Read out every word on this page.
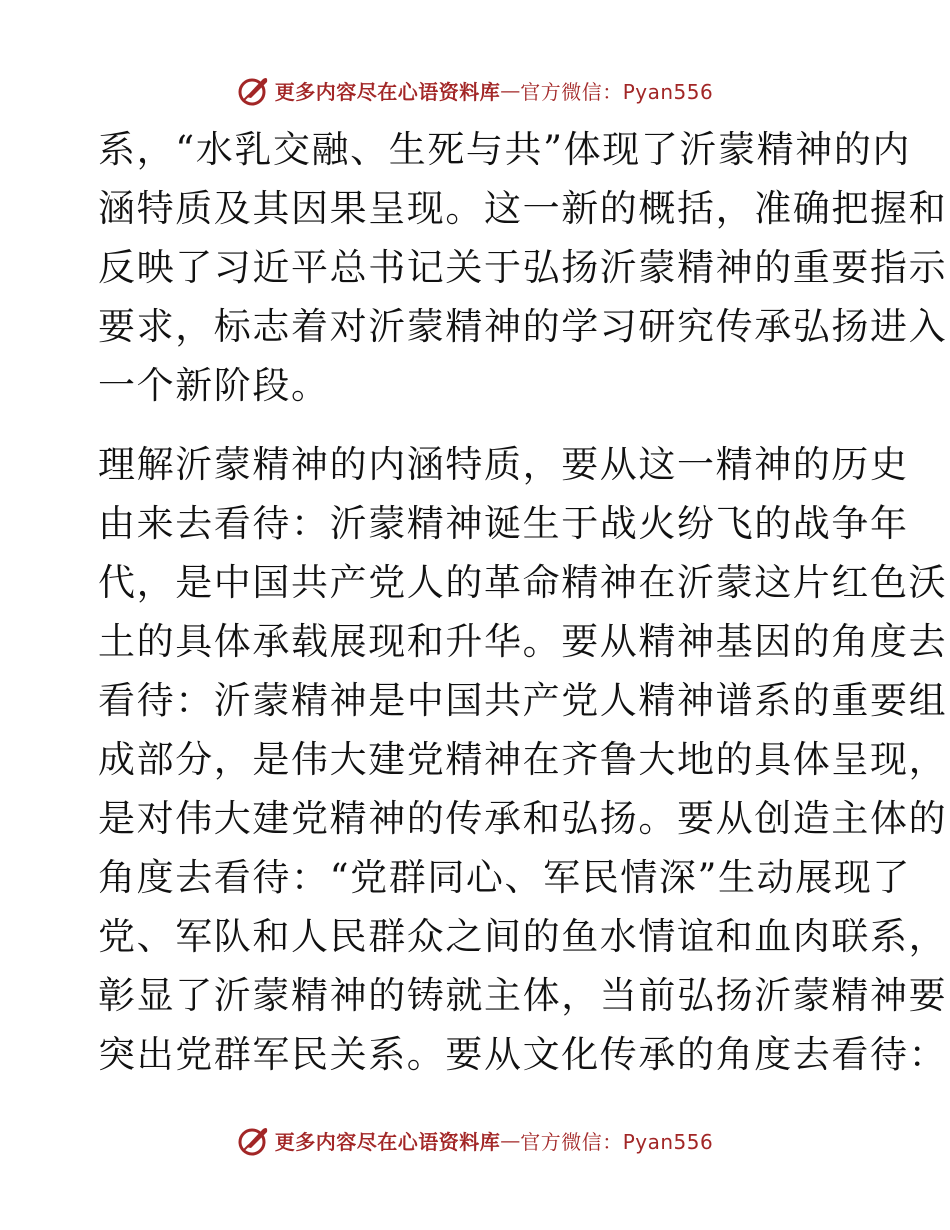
更多内容尽在心语资料库 — 官方微信：Pyan556
系，“水乳交融、生死与共”体现了沂蒙精神的内
涵特质及其因果呈现。这一新的概括，准确把握和
反映了习近平总书记关于弘扬沂蒙精神的重要指示
要求，标志着对沂蒙精神的学习研究传承弘扬进入
一个新阶段。
理解沂蒙精神的内涵特质，要从这一精神的历史
由来去看待：沂蒙精神诞生于战火纷飞的战争年
代，是中国共产党人的革命精神在沂蒙这片红色沃
土的具体承载展现和升华。要从精神基因的角度去
看待：沂蒙精神是中国共产党人精神谱系的重要组
成部分，是伟大建党精神在齐鲁大地的具体呈现，
是对伟大建党精神的传承和弘扬。要从创造主体的
角度去看待：“党群同心、军民情深”生动展现了
党、军队和人民群众之间的鱼水情谊和血肉联系，
彰显了沂蒙精神的铸就主体，当前弘扬沂蒙精神要
突出党群军民关系。要从文化传承的角度去看待：
更多内容尽在心语资料库 — 官方微信：Pyan556
